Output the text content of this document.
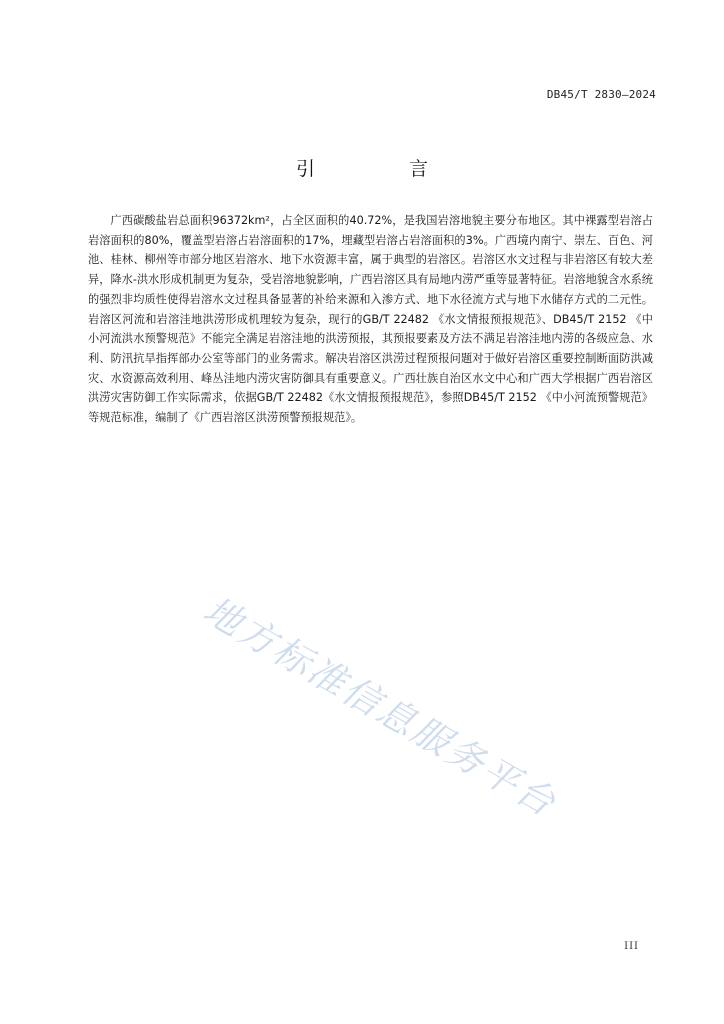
DB45/T 2830—2024
引 言

广西碳酸盐岩总面积96372km²，占全区面积的40.72%，是我国岩溶地貌主要分布地区。其中裸露型岩溶占岩溶面积的80%，覆盖型岩溶占岩溶面积的17%，埋藏型岩溶占岩溶面积的3%。广西境内南宁、崇左、百色、河池、桂林、柳州等市部分地区岩溶水、地下水资源丰富，属于典型的岩溶区。岩溶区水文过程与非岩溶区有较大差异，降水-洪水形成机制更为复杂，受岩溶地貌影响，广西岩溶区具有局地内涝严重等显著特征。岩溶地貌含水系统的强烈非均质性使得岩溶水文过程具备显著的补给来源和入渗方式、地下水径流方式与地下水储存方式的二元性。岩溶区河流和岩溶洼地洪涝形成机理较为复杂，现行的GB/T 22482 《水文情报预报规范》、DB45/T 2152 《中小河流洪水预警规范》不能完全满足岩溶洼地的洪涝预报，其预报要素及方法不满足岩溶洼地内涝的各级应急、水利、防汛抗旱指挥部办公室等部门的业务需求。解决岩溶区洪涝过程预报问题对于做好岩溶区重要控制断面防洪减灾、水资源高效利用、峰丛洼地内涝灾害防御具有重要意义。广西壮族自治区水文中心和广西大学根据广西岩溶区洪涝灾害防御工作实际需求，依据GB/T 22482《水文情报预报规范》，参照DB45/T 2152 《中小河流预警规范》等规范标准，编制了《广西岩溶区洪涝预警预报规范》。

地方标准信息服务平台
III
